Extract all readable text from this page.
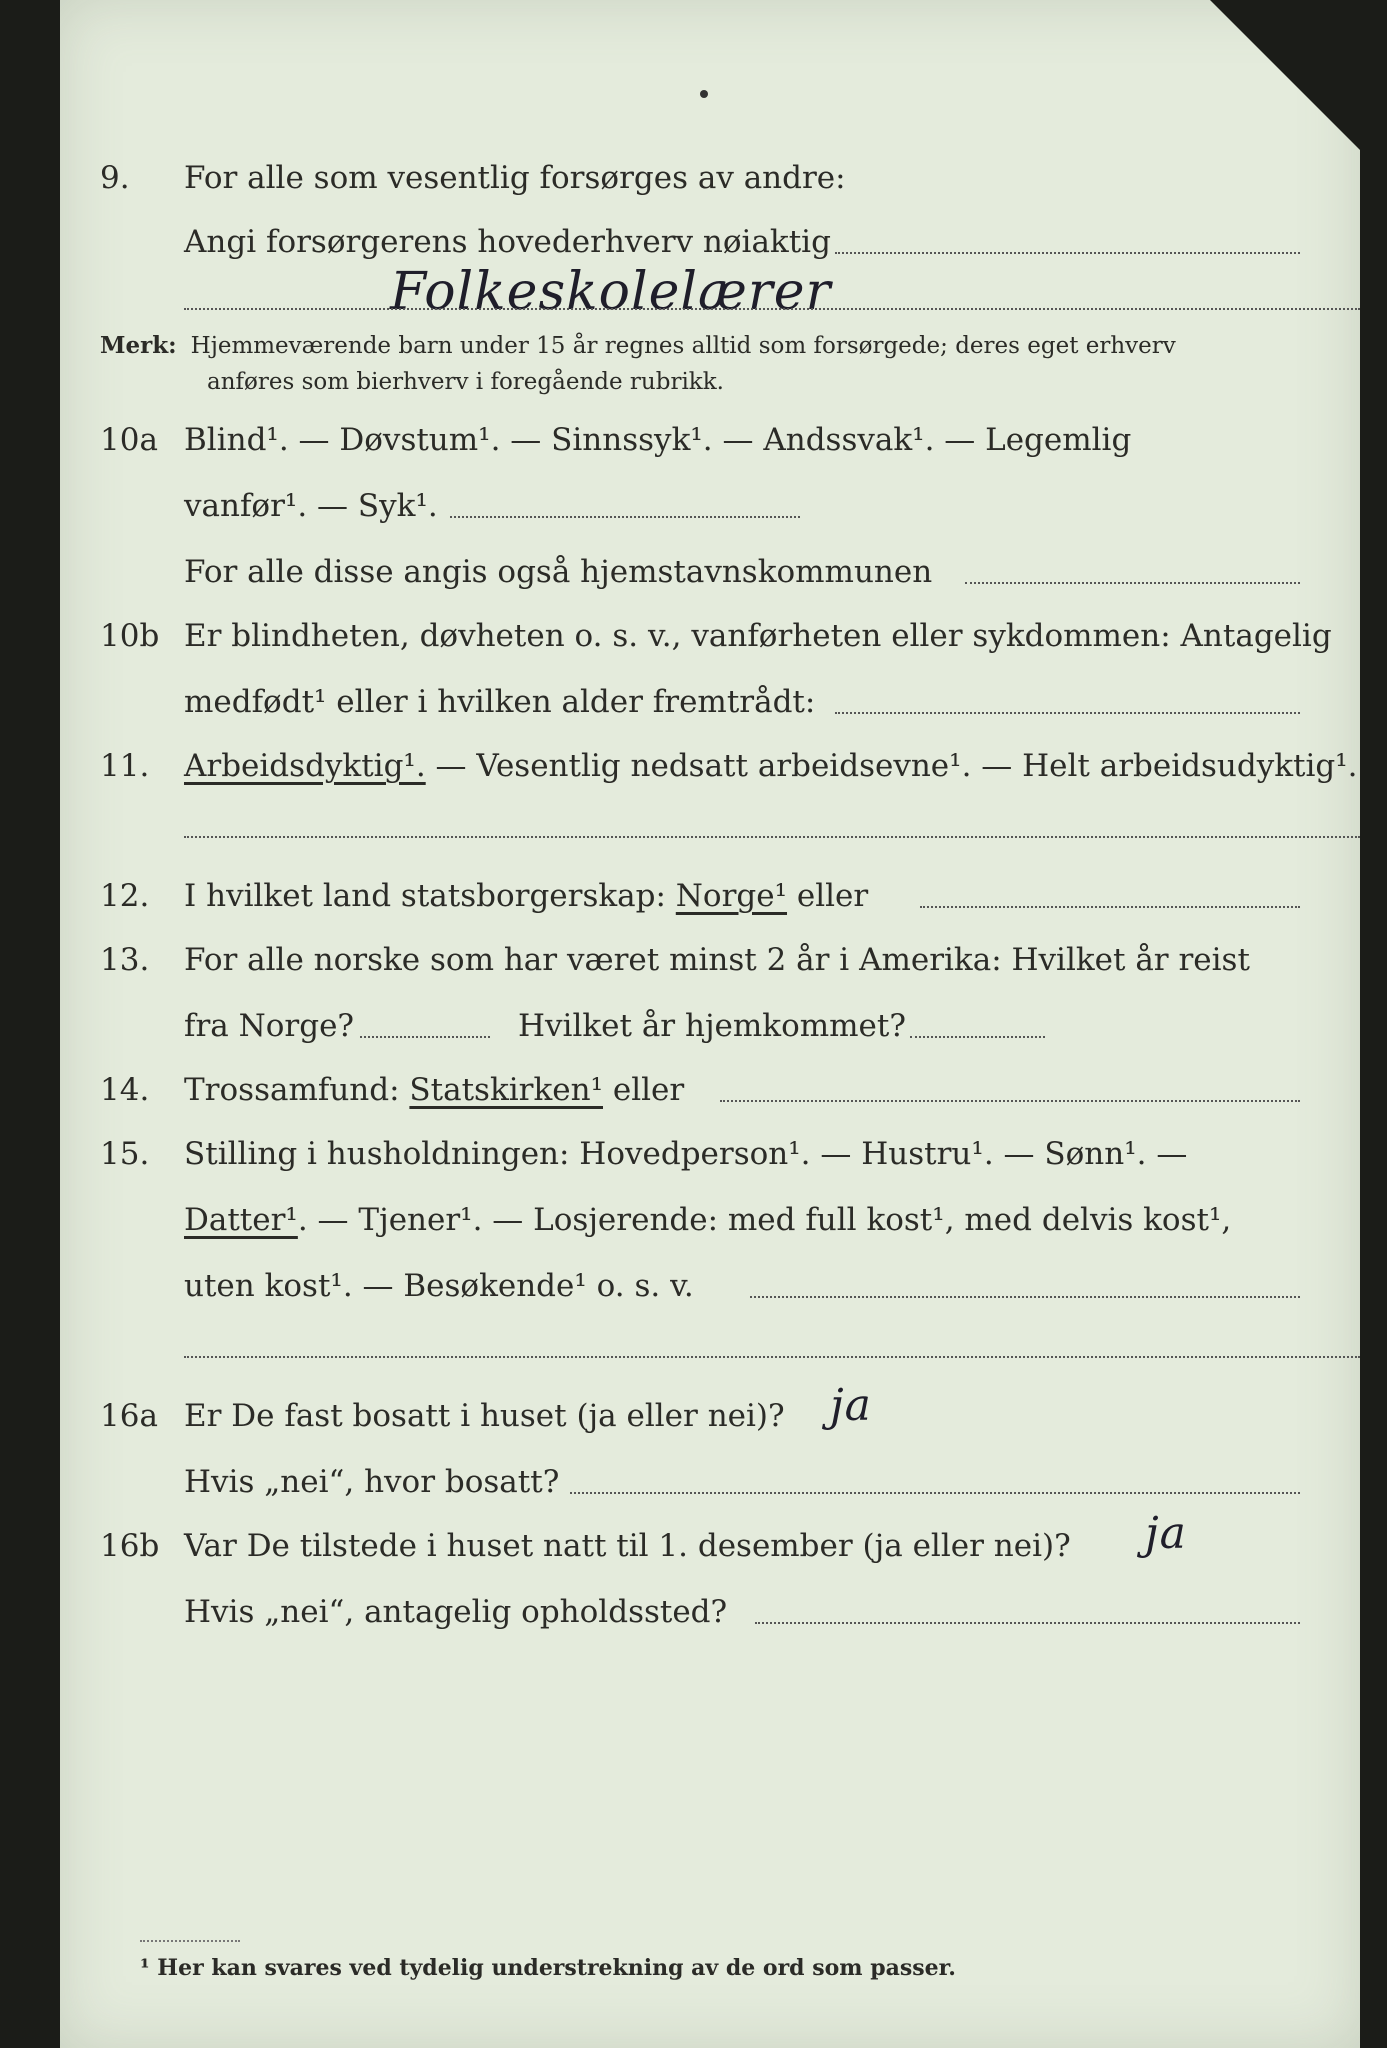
9.	For alle som vesentlig forsørges av andre:
Angi forsørgerens hovederhverv nøiaktig
Folkeskolelærer
Merk: Hjemmeværende barn under 15 år regnes alltid som forsørgede; deres eget erhverv
anføres som bierhverv i foregående rubrikk.
10a Blind¹. — Døvstum¹. — Sinnssyk¹. — Andssvak¹. — Legemlig
vanfør¹. — Syk¹.
For alle disse angis også hjemstavnskommunen
10b Er blindheten, døvheten o. s. v., vanførheten eller sykdommen: Antagelig
medfødt¹ eller i hvilken alder fremtrådt:
11.	Arbeidsdyktig¹. — Vesentlig nedsatt arbeidsevne¹. — Helt arbeidsudyktig¹.
12.	I hvilket land statsborgerskap: Norge¹ eller
13.	For alle norske som har været minst 2 år i Amerika: Hvilket år reist
fra Norge?	Hvilket år hjemkommet?
14.	Trossamfund: Statskirken¹ eller
15.	Stilling i husholdningen: Hovedperson¹. — Hustru¹. — Sønn¹. —
Datter¹. — Tjener¹. — Losjerende: med full kost¹, med delvis kost¹,
uten kost¹. — Besøkende¹ o. s. v.
16a Er De fast bosatt i huset (ja eller nei)? ja
Hvis „nei“, hvor bosatt?
16b Var De tilstede i huset natt til 1. desember (ja eller nei)? ja
Hvis „nei“, antagelig opholdssted?
¹ Her kan svares ved tydelig understrekning av de ord som passer.
